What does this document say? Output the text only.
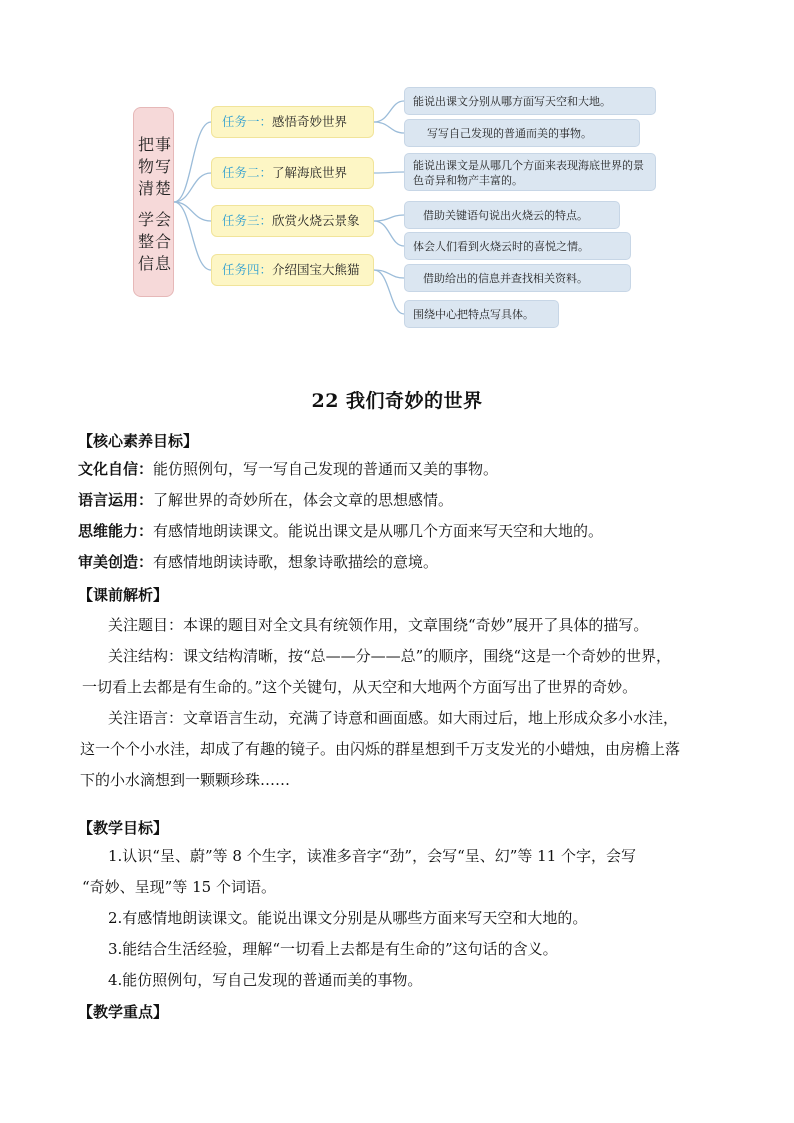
把
物
清
事
写
楚
学
整
信
会
合
息
任务一：感悟奇妙世界
任务二：了解海底世界
任务三：欣赏火烧云景象
任务四：介绍国宝大熊猫
能说出课文分别从哪方面写天空和大地。
写写自己发现的普通而美的事物。
能说出课文是从哪几个方面来表现海底世界的景色奇异和物产丰富的。
借助关键语句说出火烧云的特点。
体会人们看到火烧云时的喜悦之情。
借助给出的信息并查找相关资料。
围绕中心把特点写具体。
22 我们奇妙的世界
【核心素养目标】
文化自信：能仿照例句，写一写自己发现的普通而又美的事物。
语言运用：了解世界的奇妙所在，体会文章的思想感情。
思维能力：有感情地朗读课文。能说出课文是从哪几个方面来写天空和大地的。
审美创造：有感情地朗读诗歌，想象诗歌描绘的意境。
【课前解析】
关注题目：本课的题目对全文具有统领作用，文章围绕“奇妙”展开了具体的描写。
关注结构：课文结构清晰，按“总——分——总”的顺序，围绕“这是一个奇妙的世界，
一切看上去都是有生命的。”这个关键句，从天空和大地两个方面写出了世界的奇妙。
关注语言：文章语言生动，充满了诗意和画面感。如大雨过后，地上形成众多小水洼，
这一个个小水洼，却成了有趣的镜子。由闪烁的群星想到千万支发光的小蜡烛，由房檐上落
下的小水滴想到一颗颗珍珠……
【教学目标】
1.认识“呈、蔚”等 8 个生字，读准多音字“劲”，会写“呈、幻”等 11 个字，会写
“奇妙、呈现”等 15 个词语。
2.有感情地朗读课文。能说出课文分别是从哪些方面来写天空和大地的。
3.能结合生活经验，理解“一切看上去都是有生命的”这句话的含义。
4.能仿照例句，写自己发现的普通而美的事物。
【教学重点】
